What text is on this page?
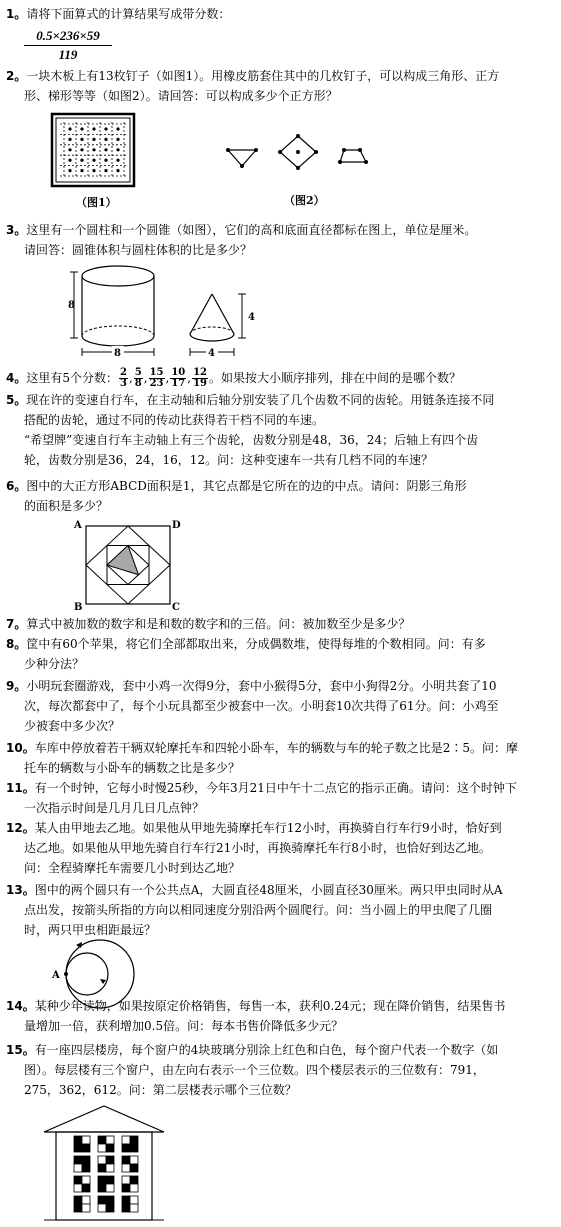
1。请将下面算式的计算结果写成带分数：
$\frac{0.5\times 236\times 59}{119}$
2。一块木板上有13枚钉子（如图1）。用橡皮筋套住其中的几枚钉子，可以构成三角形、正方
形、梯形等等（如图2）。请回答：可以构成多少个正方形？
（图1）	（图2）
3。这里有一个圆柱和一个圆锥（如图），它们的高和底面直径都标在图上，单位是厘米。
请回答：圆锥体积与圆柱体积的比是多少？
8
8
4
4
4。这里有5个分数： $\frac{2}{3}$ , $\frac{5}{8}$ , $\frac{15}{23}$ , $\frac{10}{17}$ , $\frac{12}{19}$ 。如果按大小顺序排列，排在中间的是哪个数？
5。现在许的变速自行车，在主动轴和后轴分别安装了几个齿数不同的齿轮。用链条连接不同
搭配的齿轮，通过不同的传动比获得若干档不同的车速。
“希望牌”变速自行车主动轴上有三个齿轮，齿数分别是48，36，24；后轴上有四个齿
轮，齿数分别是36，24，16，12。问：这种变速车一共有几档不同的车速？
6。图中的大正方形ABCD面积是1，其它点都是它所在的边的中点。请问：阴影三角形
的面积是多少？
A	D
B	C
7。算式中被加数的数字和是和数的数字和的三倍。问：被加数至少是多少？
8。筐中有60个苹果，将它们全部都取出来，分成偶数堆，使得每堆的个数相同。问：有多
少种分法？
9。小明玩套圈游戏，套中小鸡一次得9分，套中小猴得5分，套中小狗得2分。小明共套了10
次，每次都套中了，每个小玩具都至少被套中一次。小明套10次共得了61分。问：小鸡至
少被套中多少次？
10。车库中停放着若干辆双轮摩托车和四轮小卧车，车的辆数与车的轮子数之比是2∶5。问：摩
托车的辆数与小卧车的辆数之比是多少？
11。有一个时钟，它每小时慢25秒，今年3月21日中午十二点它的指示正确。请问：这个时钟下
一次指示时间是几月几日几点钟？
12。某人由甲地去乙地。如果他从甲地先骑摩托车行12小时，再换骑自行车行9小时，恰好到
达乙地。如果他从甲地先骑自行车行21小时，再换骑摩托车行8小时，也恰好到达乙地。
问：全程骑摩托车需要几小时到达乙地？
13。图中的两个圆只有一个公共点A，大圆直径48厘米，小圆直径30厘米。两只甲虫同时从A
点出发，按箭头所指的方向以相同速度分别沿两个圆爬行。问：当小圆上的甲虫爬了几圈
时，两只甲虫相距最远？
A
14。某种少年读物，如果按原定价格销售，每售一本，获利0.24元；现在降价销售，结果售书
量增加一倍，获利增加0.5倍。问：每本书售价降低多少元？
15。有一座四层楼房，每个窗户的4块玻璃分别涂上红色和白色，每个窗户代表一个数字（如
图）。每层楼有三个窗户，由左向右表示一个三位数。四个楼层表示的三位数有：791，
275，362，612。问：第二层楼表示哪个三位数？
